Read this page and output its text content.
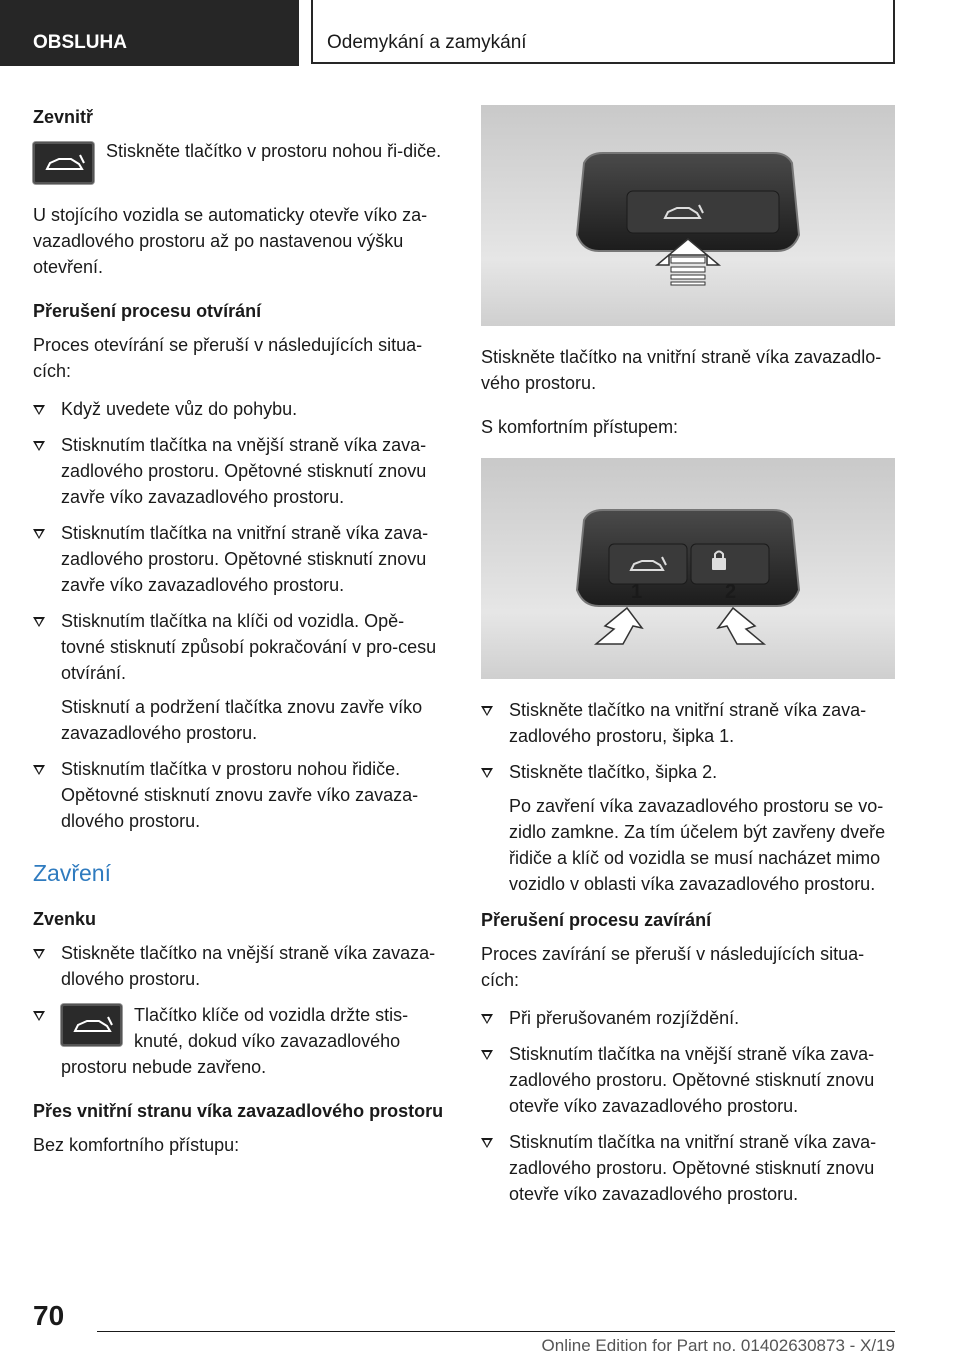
OBSLUHA	Odemykání a zamykání
Zevnitř

Stiskněte tlačítko v prostoru nohou ři-diče.

U stojícího vozidla se automaticky otevře víko za-vazadlového prostoru až po nastavenou výšku otevření.

Přerušení procesu otvírání

Proces otevírání se přeruší v následujících situa-cích:

Když uvedete vůz do pohybu.
Stisknutím tlačítka na vnější straně víka zava-zadlového prostoru. Opětovné stisknutí znovu zavře víko zavazadlového prostoru.
Stisknutím tlačítka na vnitřní straně víka zava-zadlového prostoru. Opětovné stisknutí znovu zavře víko zavazadlového prostoru.
Stisknutím tlačítka na klíči od vozidla. Opě-tovné stisknutí způsobí pokračování v pro-cesu otvírání.

Stisknutí a podržení tlačítka znovu zavře víko zavazadlového prostoru.

Stisknutím tlačítka v prostoru nohou řidiče. Opětovné stisknutí znovu zavře víko zavaza-dlového prostoru.
Zavření
Zvenku
Stiskněte tlačítko na vnější straně víka zavaza-dlového prostoru.
Tlačítko klíče od vozidla držte stis-knuté, dokud víko zavazadlového
prostoru nebude zavřeno.
Přes vnitřní stranu víka zavazadlového prostoru

Bez komfortního přístupu:

Stiskněte tlačítko na vnitřní straně víka zavazadlo-vého prostoru.

S komfortním přístupem:

1	2
Stiskněte tlačítko na vnitřní straně víka zava-zadlového prostoru, šipka 1.
Stiskněte tlačítko, šipka 2.

Po zavření víka zavazadlového prostoru se vo-zidlo zamkne. Za tím účelem být zavřeny dveře řidiče a klíč od vozidla se musí nacházet mimo vozidlo v oblasti víka zavazadlového prostoru.

Přerušení procesu zavírání

Proces zavírání se přeruší v následujících situa-cích:

Při přerušovaném rozjíždění.
Stisknutím tlačítka na vnější straně víka zava-zadlového prostoru. Opětovné stisknutí znovu otevře víko zavazadlového prostoru.
Stisknutím tlačítka na vnitřní straně víka zava-zadlového prostoru. Opětovné stisknutí znovu otevře víko zavazadlového prostoru.
70
Online Edition for Part no. 01402630873 - X/19
